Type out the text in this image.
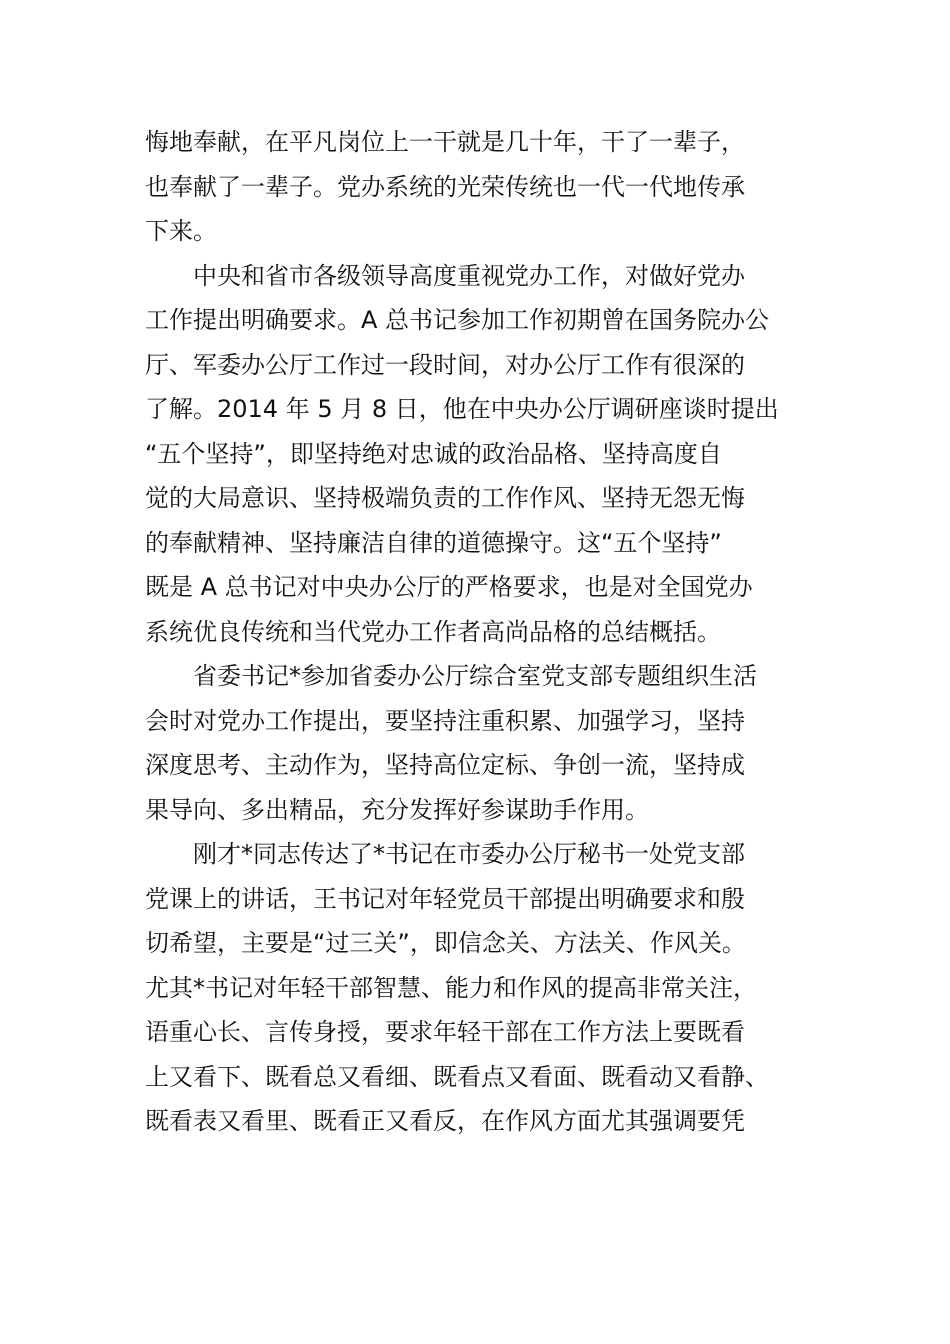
悔地奉献，在平凡岗位上一干就是几十年，干了一辈子，
也奉献了一辈子。党办系统的光荣传统也一代一代地传承
下来。
中央和省市各级领导高度重视党办工作，对做好党办
工作提出明确要求。A 总书记参加工作初期曾在国务院办公
厅、军委办公厅工作过一段时间，对办公厅工作有很深的
了解。2014 年 5 月 8 日，他在中央办公厅调研座谈时提出
“五个坚持”，即坚持绝对忠诚的政治品格、坚持高度自
觉的大局意识、坚持极端负责的工作作风、坚持无怨无悔
的奉献精神、坚持廉洁自律的道德操守。这“五个坚持”
既是 A 总书记对中央办公厅的严格要求，也是对全国党办
系统优良传统和当代党办工作者高尚品格的总结概括。
省委书记*参加省委办公厅综合室党支部专题组织生活
会时对党办工作提出，要坚持注重积累、加强学习，坚持
深度思考、主动作为，坚持高位定标、争创一流，坚持成
果导向、多出精品，充分发挥好参谋助手作用。
刚才*同志传达了*书记在市委办公厅秘书一处党支部
党课上的讲话，王书记对年轻党员干部提出明确要求和殷
切希望，主要是“过三关”，即信念关、方法关、作风关。
尤其*书记对年轻干部智慧、能力和作风的提高非常关注，
语重心长、言传身授，要求年轻干部在工作方法上要既看
上又看下、既看总又看细、既看点又看面、既看动又看静、
既看表又看里、既看正又看反，在作风方面尤其强调要凭
